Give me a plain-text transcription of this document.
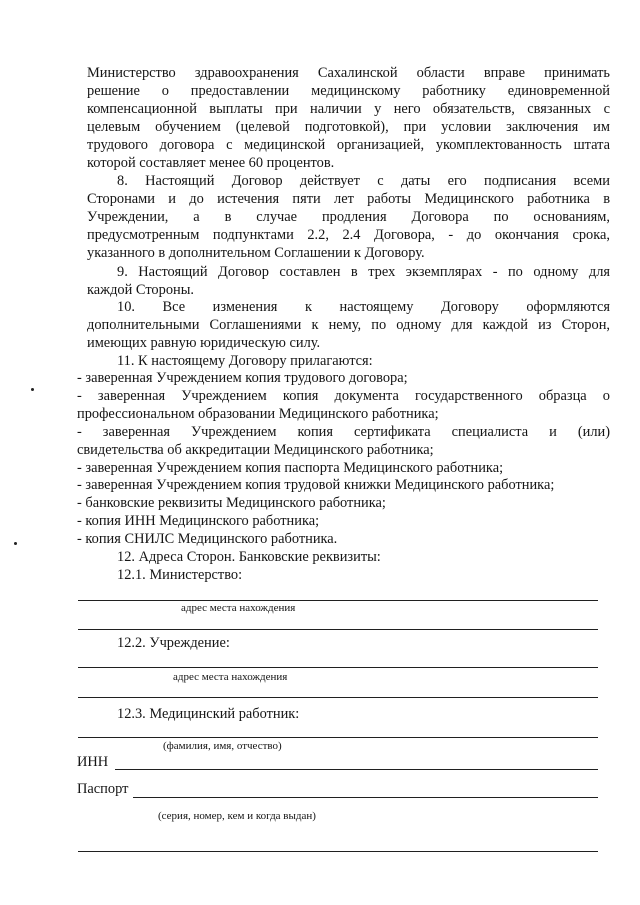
Министерство здравоохранения Сахалинской области вправе принимать
решение о предоставлении медицинскому работнику единовременной
компенсационной выплаты при наличии у него обязательств, связанных с
целевым обучением (целевой подготовкой), при условии заключения им
трудового договора с медицинской организацией, укомплектованность штата
которой составляет менее 60 процентов.
8. Настоящий Договор действует с даты его подписания всеми
Сторонами и до истечения пяти лет работы Медицинского работника в
Учреждении, а в случае продления Договора по основаниям,
предусмотренным подпунктами 2.2, 2.4 Договора, - до окончания срока,
указанного в дополнительном Соглашении к Договору.
9. Настоящий Договор составлен в трех экземплярах - по одному для
каждой Стороны.
10. Все изменения к настоящему Договору оформляются
дополнительными Соглашениями к нему, по одному для каждой из Сторон,
имеющих равную юридическую силу.
11. К настоящему Договору прилагаются:
- заверенная Учреждением копия трудового договора;
- заверенная Учреждением копия документа государственного образца о
профессиональном образовании Медицинского работника;
- заверенная Учреждением копия сертификата специалиста и (или)
свидетельства об аккредитации Медицинского работника;
- заверенная Учреждением копия паспорта Медицинского работника;
- заверенная Учреждением копия трудовой книжки Медицинского работника;
- банковские реквизиты Медицинского работника;
- копия ИНН Медицинского работника;
- копия СНИЛС Медицинского работника.
12. Адреса Сторон. Банковские реквизиты:
12.1. Министерство:
адрес места нахождения
12.2. Учреждение:
адрес места нахождения
12.3. Медицинский работник:
(фамилия, имя, отчество)
ИНН
Паспорт
(серия, номер, кем и когда выдан)
